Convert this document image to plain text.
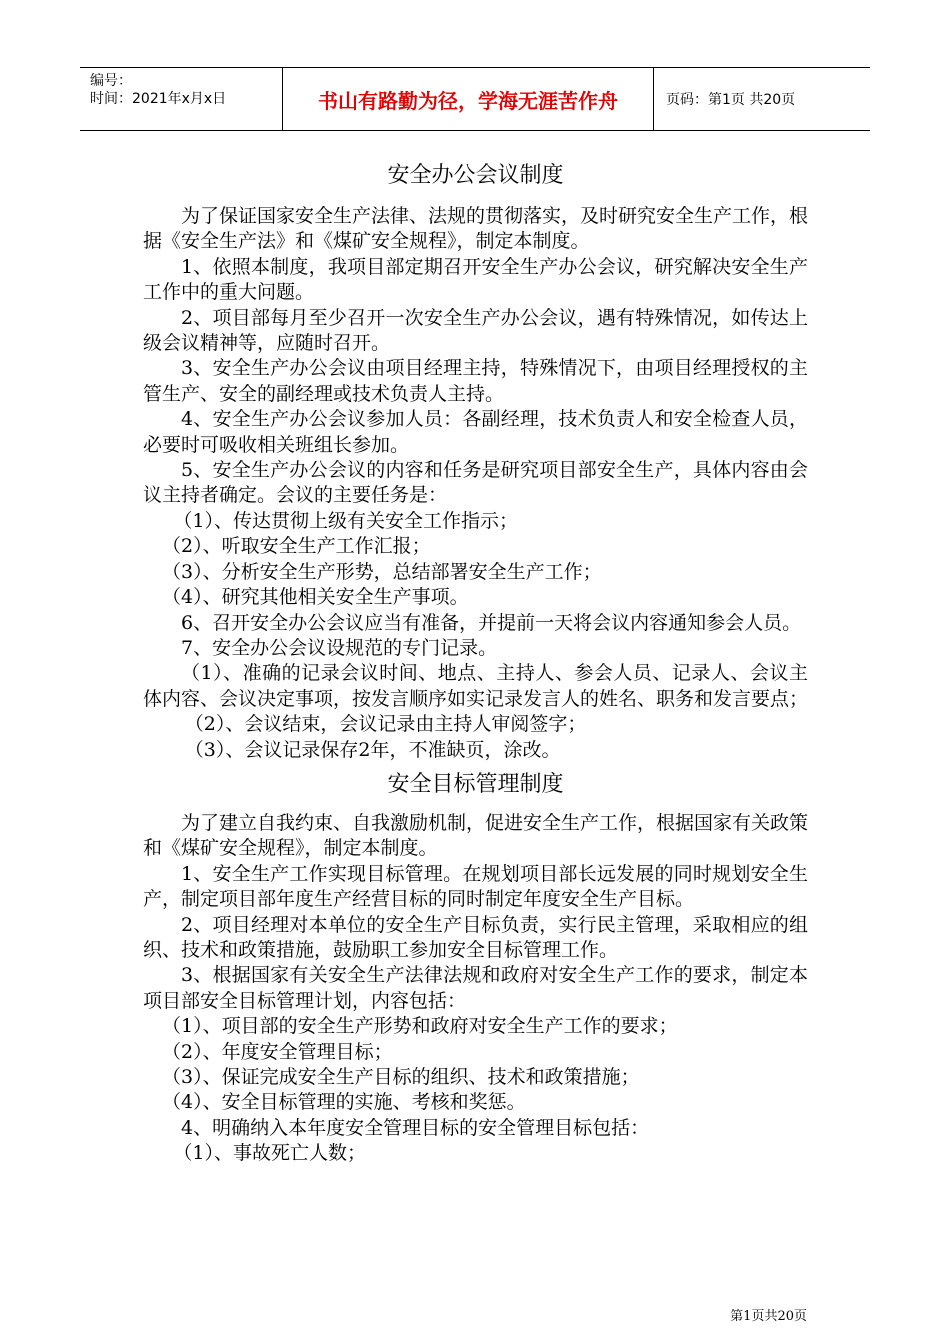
编号：
时间：2021年x月x日	书山有路勤为径，学海无涯苦作舟	页码：第1页 共20页
安全办公会议制度

为了保证国家安全生产法律、法规的贯彻落实，及时研究安全生产工作，根据《安全生产法》和《煤矿安全规程》，制定本制度。

1、依照本制度，我项目部定期召开安全生产办公会议，研究解决安全生产工作中的重大问题。

2、项目部每月至少召开一次安全生产办公会议，遇有特殊情况，如传达上级会议精神等，应随时召开。

3、安全生产办公会议由项目经理主持，特殊情况下，由项目经理授权的主管生产、安全的副经理或技术负责人主持。

4、安全生产办公会议参加人员：各副经理，技术负责人和安全检查人员，必要时可吸收相关班组长参加。

5、安全生产办公会议的内容和任务是研究项目部安全生产，具体内容由会议主持者确定。会议的主要任务是：

（1）、传达贯彻上级有关安全工作指示；

（2）、听取安全生产工作汇报；

（3）、分析安全生产形势，总结部署安全生产工作；

（4）、研究其他相关安全生产事项。

6、召开安全办公会议应当有准备，并提前一天将会议内容通知参会人员。

7、安全办公会议设规范的专门记录。

（1）、准确的记录会议时间、地点、主持人、参会人员、记录人、会议主体内容、会议决定事项，按发言顺序如实记录发言人的姓名、职务和发言要点；

（2）、会议结束，会议记录由主持人审阅签字；

（3）、会议记录保存2年，不准缺页，涂改。

安全目标管理制度

为了建立自我约束、自我激励机制，促进安全生产工作，根据国家有关政策和《煤矿安全规程》，制定本制度。

1、安全生产工作实现目标管理。在规划项目部长远发展的同时规划安全生产，制定项目部年度生产经营目标的同时制定年度安全生产目标。

2、项目经理对本单位的安全生产目标负责，实行民主管理，采取相应的组织、技术和政策措施，鼓励职工参加安全目标管理工作。

3、根据国家有关安全生产法律法规和政府对安全生产工作的要求，制定本项目部安全目标管理计划，内容包括：

（1）、项目部的安全生产形势和政府对安全生产工作的要求；

（2）、年度安全管理目标；

（3）、保证完成安全生产目标的组织、技术和政策措施；

（4）、安全目标管理的实施、考核和奖惩。

4、明确纳入本年度安全管理目标的安全管理目标包括：

（1）、事故死亡人数；

第1页共20页
